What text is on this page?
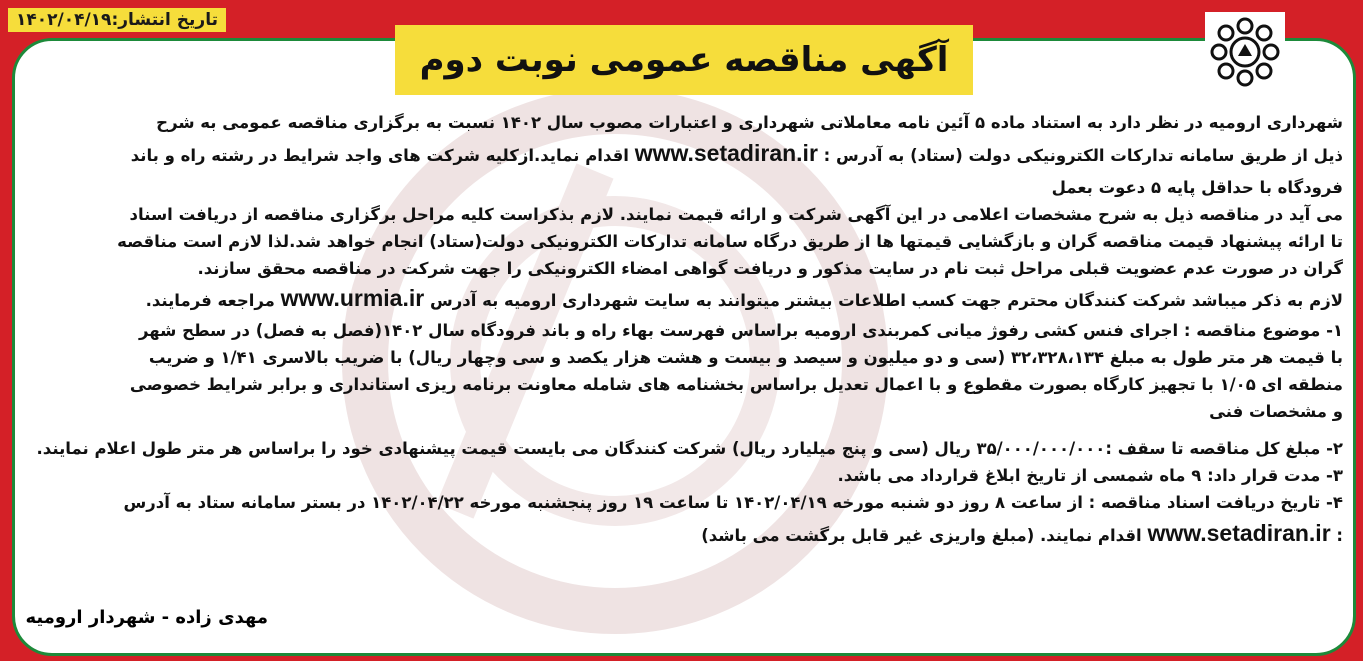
شهرداری ارومیه در نظر دارد به استناد ماده ۵ آئین نامه معاملاتی شهرداری و اعتبارات مصوب سال ۱۴۰۲ نسبت به برگزاری مناقصه عمومی به شرح
ذیل از طریق سامانه تدارکات الکترونیکی دولت (ستاد) به آدرس : www.setadiran.ir اقدام نماید.ازکلیه شرکت های واجد شرایط در رشته راه و باند
فرودگاه با حداقل پایه ۵ دعوت بعمل
می آید در مناقصه ذیل به شرح مشخصات اعلامی در این آگهی شرکت و ارائه قیمت نمایند. لازم بذکراست کلیه مراحل برگزاری مناقصه از دریافت اسناد
تا ارائه پیشنهاد قیمت مناقصه گران و بازگشایی قیمتها ها از طریق درگاه سامانه تدارکات الکترونیکی دولت(ستاد) انجام خواهد شد.لذا لازم است مناقصه
گران در صورت عدم عضویت قبلی مراحل ثبت نام در سایت مذکور و دریافت گواهی امضاء الکترونیکی را جهت شرکت در مناقصه محقق سازند.
لازم به ذکر میباشد شرکت کنندگان محترم جهت کسب اطلاعات بیشتر میتوانند به سایت شهرداری ارومیه به آدرس www.urmia.ir مراجعه فرمایند.
۱- موضوع مناقصه : اجرای فنس کشی رفوژ میانی کمربندی ارومیه براساس فهرست بهاء راه و باند فرودگاه سال ۱۴۰۲(فصل به فصل) در سطح شهر
با قیمت هر متر طول به مبلغ ۳۲،۳۲۸،۱۳۴ (سی و دو میلیون و سیصد و بیست و هشت هزار یکصد و سی وچهار ریال) با ضریب بالاسری ۱/۴۱ و ضریب
منطقه ای ۱/۰۵ با تجهیز کارگاه بصورت مقطوع و با اعمال تعدیل براساس بخشنامه های شامله معاونت برنامه ریزی استانداری و برابر شرایط خصوصی
و مشخصات فنی
۲- مبلغ کل مناقصه تا سقف :۳۵/۰۰۰/۰۰۰/۰۰۰ ریال (سی و پنج میلیارد ریال) شرکت کنندگان می بایست قیمت پیشنهادی خود را براساس هر متر طول اعلام نمایند.
۳- مدت قرار داد: ۹ ماه شمسی از تاریخ ابلاغ قرارداد می باشد.
۴- تاریخ دریافت اسناد مناقصه : از ساعت ۸ روز دو شنبه مورخه ۱۴۰۲/۰۴/۱۹ تا ساعت ۱۹ روز پنجشنبه مورخه ۱۴۰۲/۰۴/۲۲ در بستر سامانه ستاد به آدرس
: www.setadiran.ir اقدام نمایند. (مبلغ واریزی غیر قابل برگشت می باشد)
مهدی زاده - شهردار ارومیه
آگهی مناقصه عمومی نوبت دوم
تاریخ انتشار:۱۴۰۲/۰۴/۱۹
